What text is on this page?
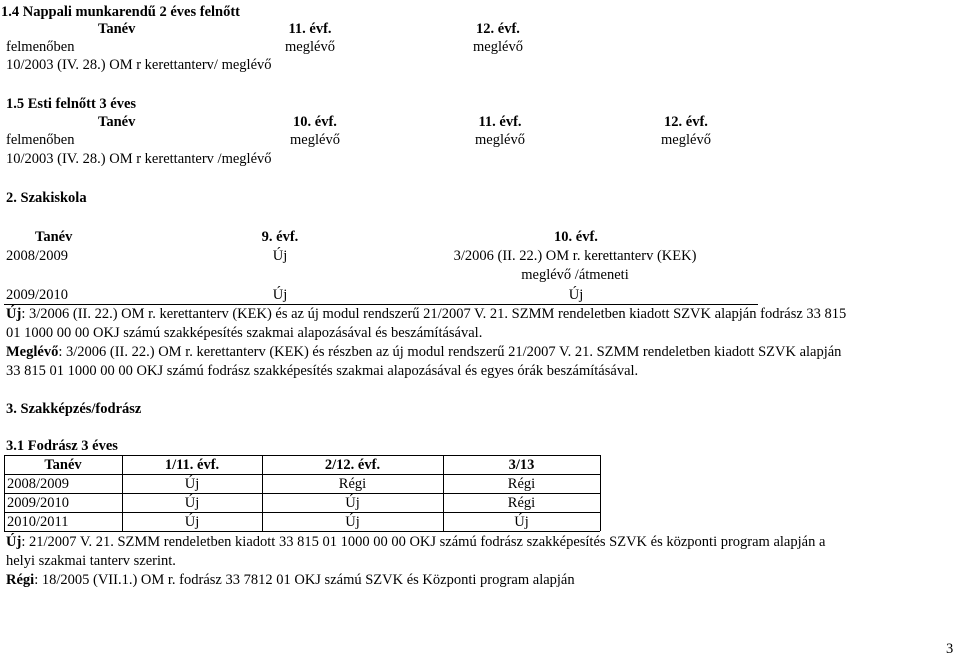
1.4 Nappali munkarendű 2 éves felnőtt
Tanév	11. évf.	12. évf.
felmenőben	meglévő	meglévő
10/2003 (IV. 28.) OM r kerettanterv/ meglévő
1.5 Esti felnőtt 3 éves
Tanév	10. évf.	11. évf.	12. évf.
felmenőben	meglévő	meglévő	meglévő
10/2003 (IV. 28.) OM r kerettanterv /meglévő
2. Szakiskola
Tanév	9. évf.	10. évf.
2008/2009	Új	3/2006 (II. 22.) OM r. kerettanterv (KEK)
meglévő /átmeneti
2009/2010	Új	Új
Új: 3/2006 (II. 22.) OM r. kerettanterv (KEK) és az új modul rendszerű 21/2007 V. 21. SZMM rendeletben kiadott SZVK alapján fodrász 33 815
01 1000 00 00 OKJ számú szakképesítés szakmai alapozásával és beszámításával.
Meglévő: 3/2006 (II. 22.) OM r. kerettanterv (KEK) és részben az új modul rendszerű 21/2007 V. 21. SZMM rendeletben kiadott SZVK alapján
33 815 01 1000 00 00 OKJ számú fodrász szakképesítés szakmai alapozásával és egyes órák beszámításával.
3. Szakképzés/fodrász
3.1 Fodrász 3 éves
Tanév	1/11. évf.	2/12. évf.	3/13
2008/2009	Új	Régi	Régi
2009/2010	Új	Új	Régi
2010/2011	Új	Új	Új
Új: 21/2007 V. 21. SZMM rendeletben kiadott 33 815 01 1000 00 00 OKJ számú fodrász szakképesítés SZVK és központi program alapján a
helyi szakmai tanterv szerint.
Régi: 18/2005 (VII.1.) OM r. fodrász 33 7812 01 OKJ számú SZVK és Központi program alapján
3
